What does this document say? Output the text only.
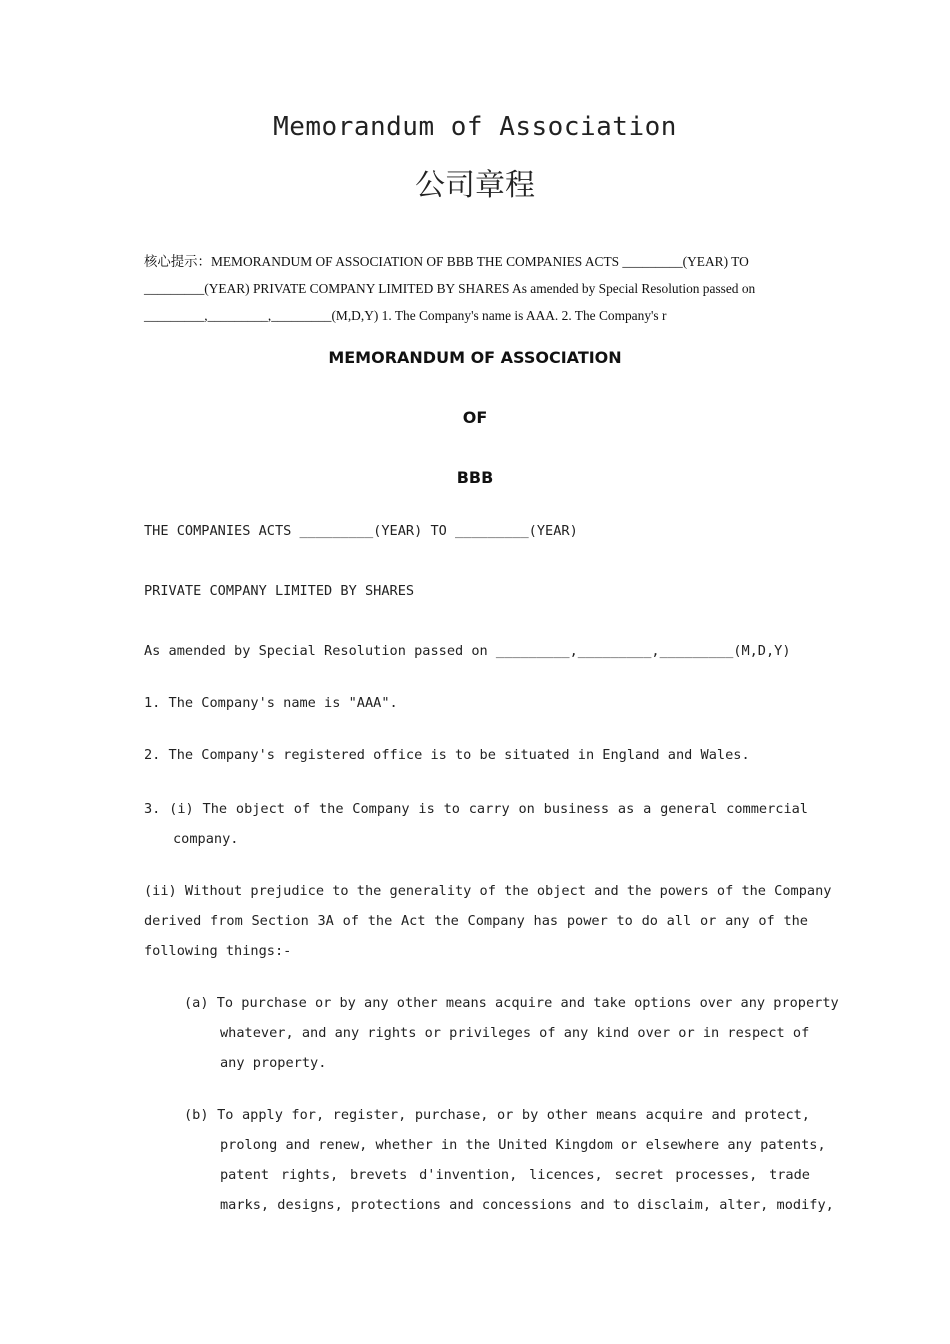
Memorandum of Association
公司章程
核心提示：MEMORANDUM OF ASSOCIATION OF BBB THE COMPANIES ACTS _________(YEAR) TO
_________(YEAR) PRIVATE COMPANY LIMITED BY SHARES As amended by Special Resolution passed on
_________,_________,_________(M,D,Y) 1. The Company's name is AAA. 2. The Company's r
MEMORANDUM OF ASSOCIATION
OF
BBB
THE COMPANIES ACTS _________(YEAR) TO _________(YEAR)
PRIVATE COMPANY LIMITED BY SHARES
As amended by Special Resolution passed on _________,_________,_________(M,D,Y)
1. The Company's name is "AAA".
2. The Company's registered office is to be situated in England and Wales.
3. (i) The object of the Company is to carry on business as a general commercial
company.
(ii) Without prejudice to the generality of the object and the powers of the Company
derived from Section 3A of the Act the Company has power to do all or any of the
following things:-
(a) To purchase or by any other means acquire and take options over any property
whatever, and any rights or privileges of any kind over or in respect of
any property.
(b) To apply for, register, purchase, or by other means acquire and protect,
prolong and renew, whether in the United Kingdom or elsewhere any patents,
patent rights, brevets d'invention, licences, secret processes, trade
marks, designs, protections and concessions and to disclaim, alter, modify,
